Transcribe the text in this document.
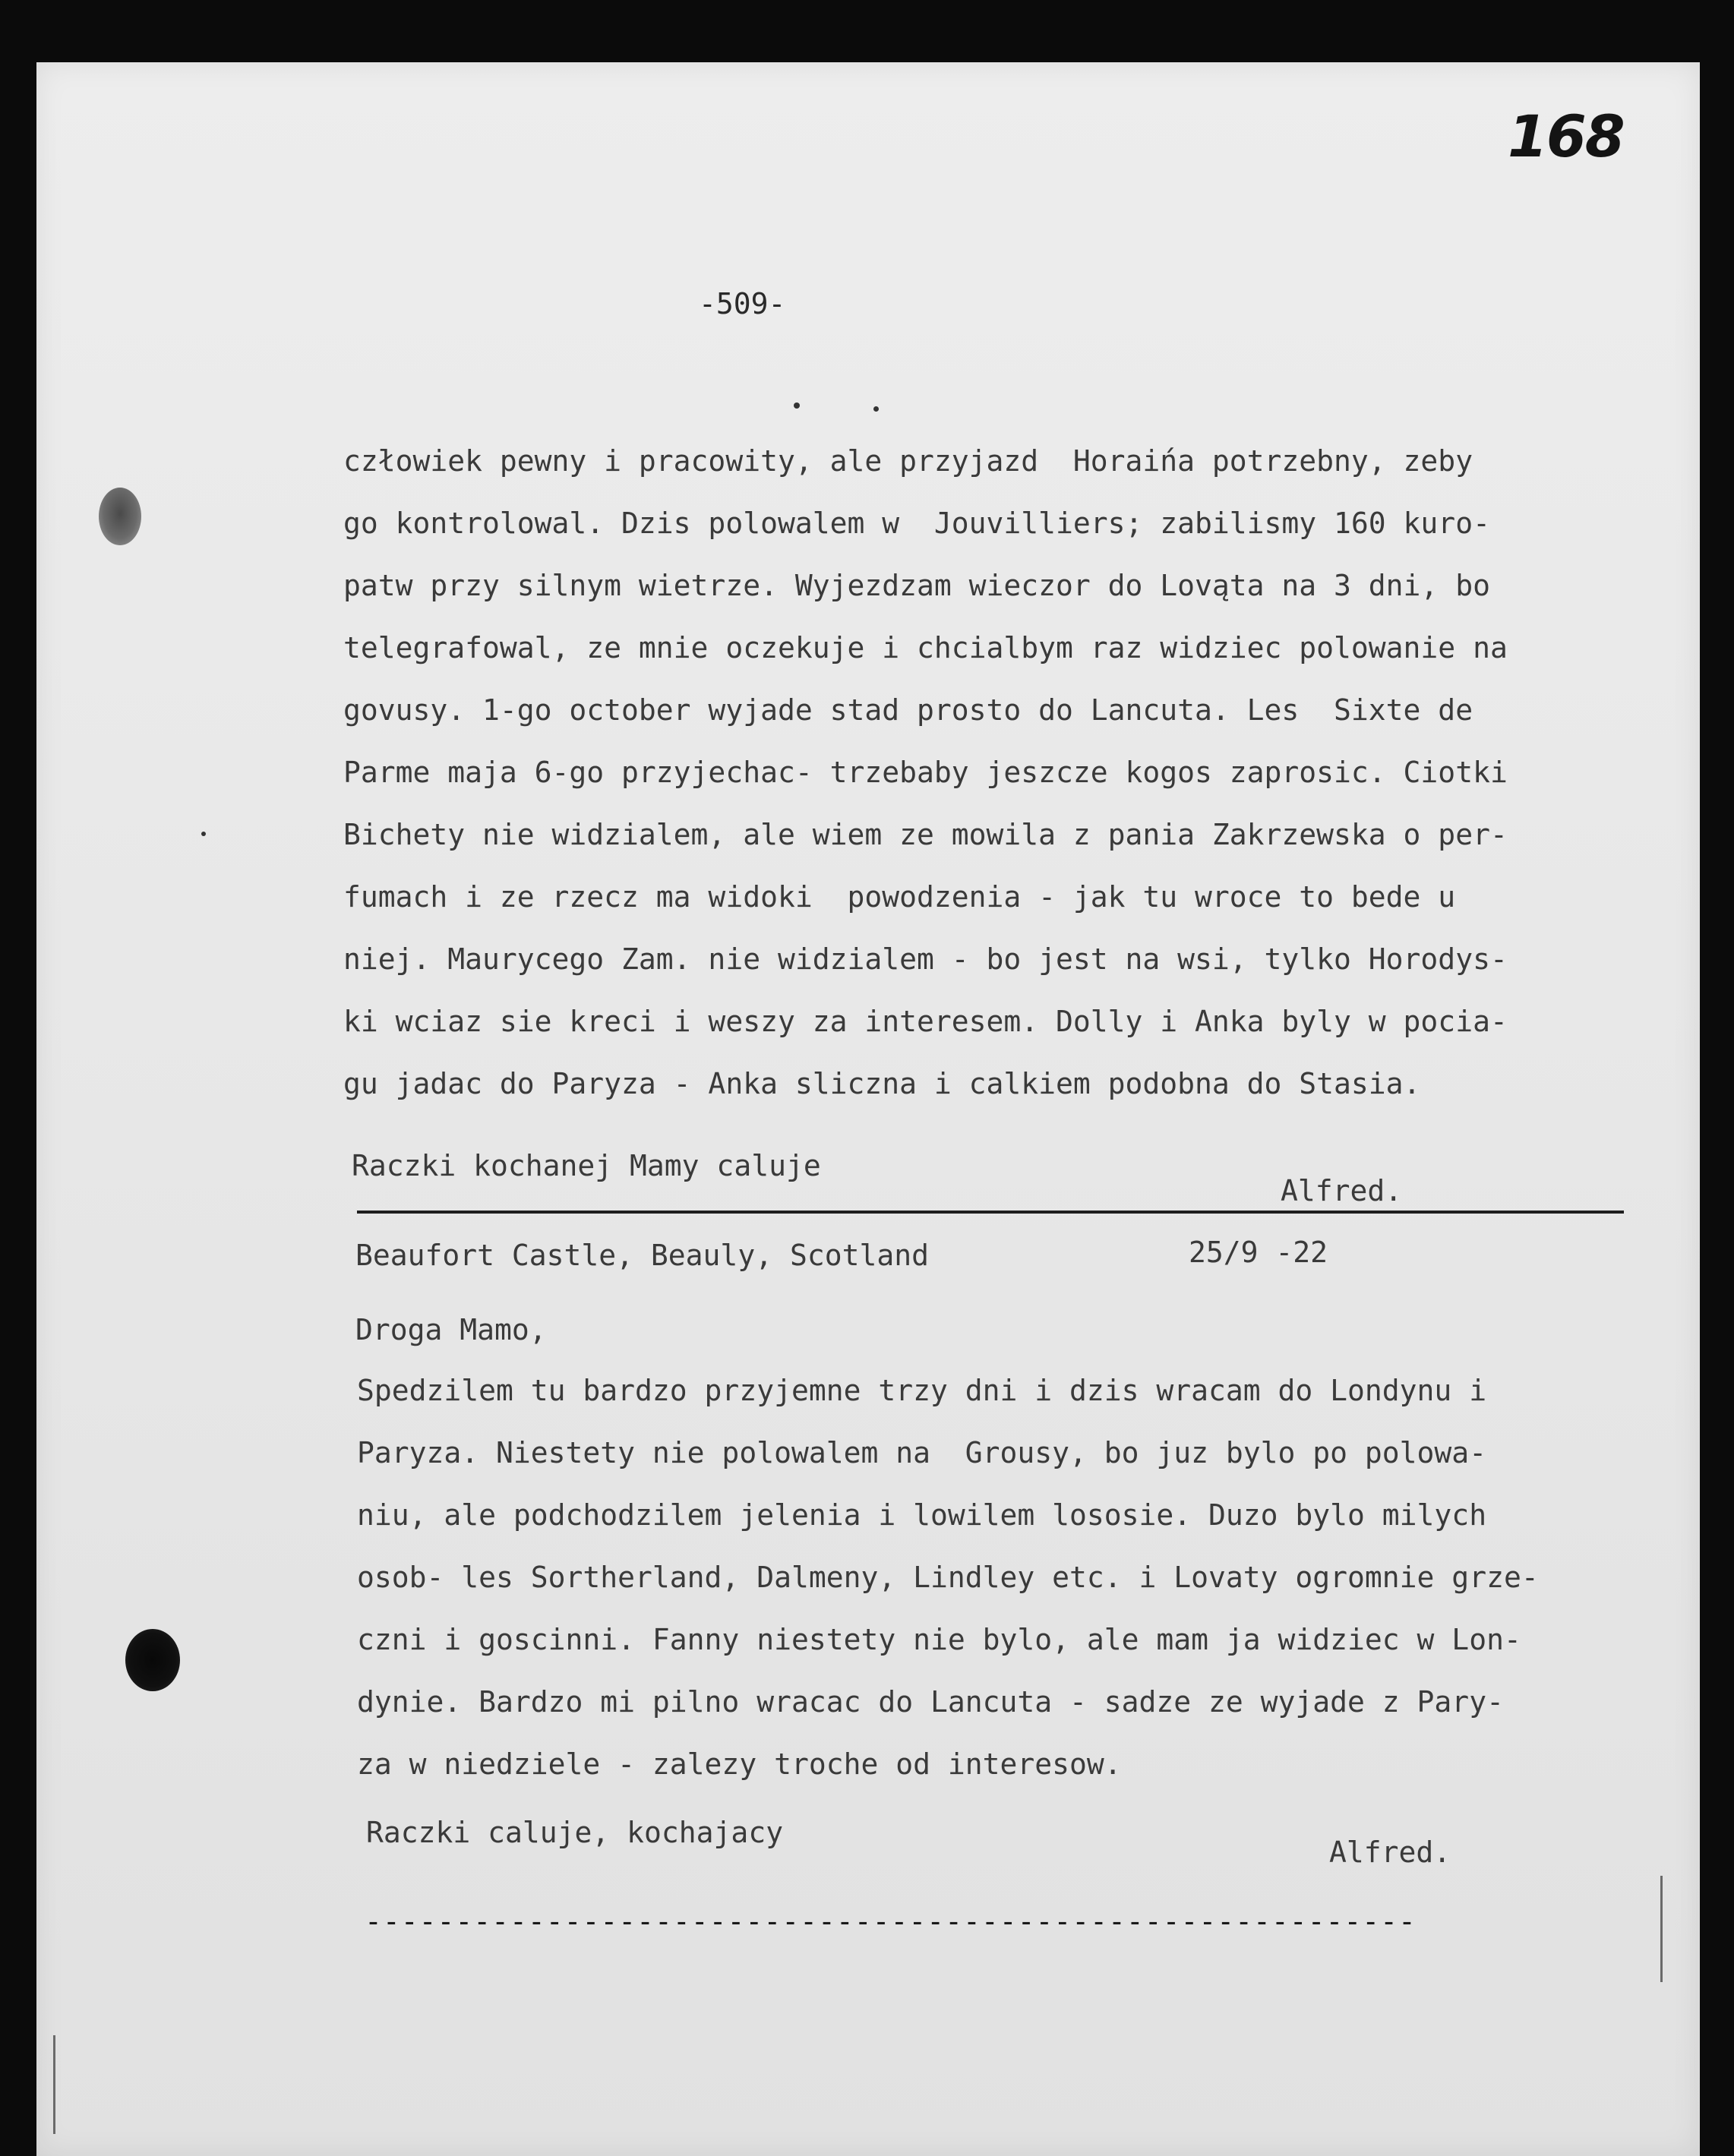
168
-509-
człowiek pewny i pracowity, ale przyjazd  Horaińa potrzebny, zeby
go kontrolowal. Dzis polowalem w  Jouvilliers; zabilismy 160 kuro-
patw przy silnym wietrze. Wyjezdzam wieczor do Lovąta na 3 dni, bo
telegrafowal, ze mnie oczekuje i chcialbym raz widziec polowanie na
govusy. 1-go october wyjade stad prosto do Lancuta. Les  Sixte de
Parme maja 6-go przyjechac- trzebaby jeszcze kogos zaprosic. Ciotki
Bichety nie widzialem, ale wiem ze mowila z pania Zakrzewska o per-
fumach i ze rzecz ma widoki  powodzenia - jak tu wroce to bede u
niej. Maurycego Zam. nie widzialem - bo jest na wsi, tylko Horodys-
ki wciaz sie kreci i weszy za interesem. Dolly i Anka byly w pocia-
gu jadac do Paryza - Anka sliczna i calkiem podobna do Stasia.
Raczki kochanej Mamy caluje
Alfred.
Beaufort Castle, Beauly, Scotland	25/9 -22
Droga Mamo,
Spedzilem tu bardzo przyjemne trzy dni i dzis wracam do Londynu i
Paryza. Niestety nie polowalem na  Grousy, bo juz bylo po polowa-
niu, ale podchodzilem jelenia i lowilem lososie. Duzo bylo milych
osob- les Sortherland, Dalmeny, Lindley etc. i Lovaty ogromnie grze-
czni i goscinni. Fanny niestety nie bylo, ale mam ja widziec w Lon-
dynie. Bardzo mi pilno wracac do Lancuta - sadze ze wyjade z Pary-
za w niedziele - zalezy troche od interesow.
Raczki caluje, kochajacy
Alfred.
----------------------------------------------------------
